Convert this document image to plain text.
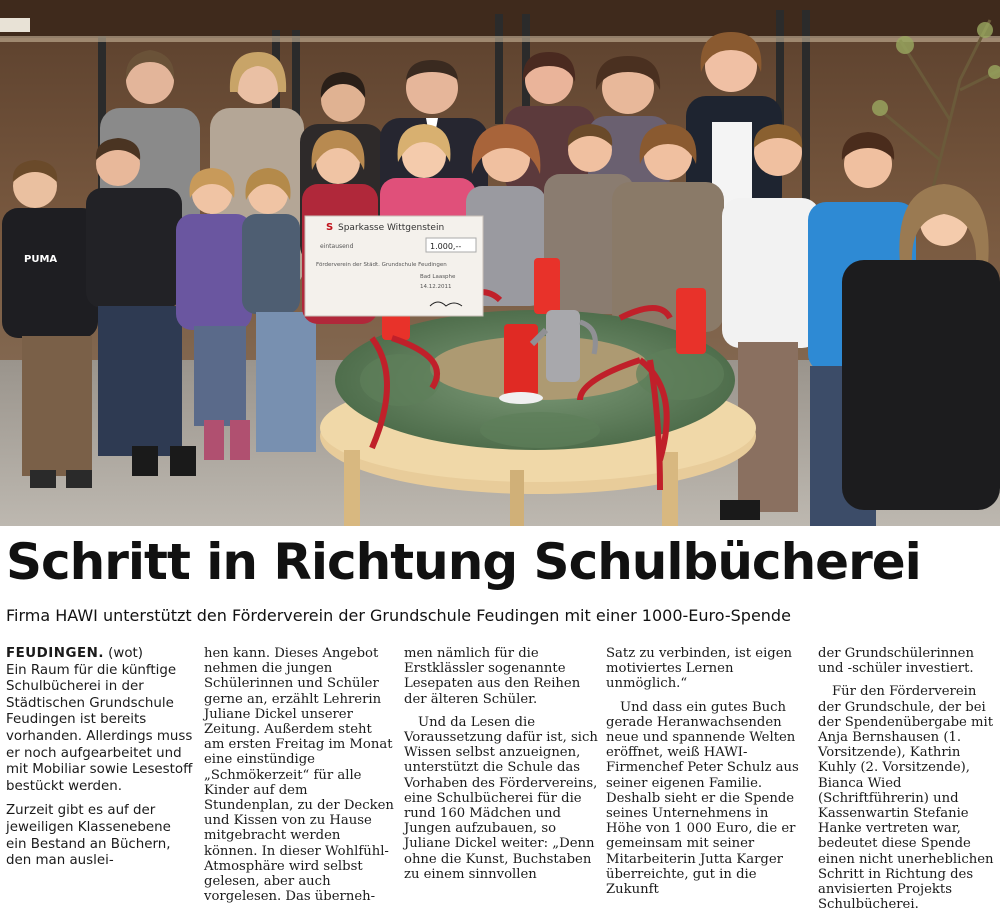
PUMA
S Sparkasse Wittgenstein
eintausend	1.000,--
Förderverein der Städt. Grundschule Feudingen
Bad Laasphe
14.12.2011
Schritt in Richtung Schulbücherei
Firma HAWI unterstützt den Förderverein der Grundschule Feudingen mit einer 1000-Euro-Spende

FEUDINGEN. (wot)

Ein Raum für die künftige Schulbücherei in der Städtischen Grundschule Feudingen ist bereits vorhanden. Allerdings muss er noch aufgearbeitet und mit Mobiliar sowie Lesestoff bestückt werden.

Zurzeit gibt es auf der jeweiligen Klassenebene ein Bestand an Büchern, den man auslei-

hen kann. Dieses Angebot nehmen die jungen Schülerinnen und Schüler gerne an, erzählt Lehrerin Juliane Dickel unserer Zeitung. Außerdem steht am ersten Freitag im Monat eine einstündige „Schmökerzeit“ für alle Kinder auf dem Stundenplan, zu der Decken und Kissen von zu Hause mitgebracht werden können. In dieser Wohlfühl-Atmosphäre wird selbst gelesen, aber auch vorgelesen. Das überneh-

men nämlich für die Erstklässler sogenannte Lesepaten aus den Reihen der älteren Schüler.

Und da Lesen die Voraussetzung dafür ist, sich Wissen selbst anzueignen, unterstützt die Schule das Vorhaben des Fördervereins, eine Schulbücherei für die rund 160 Mädchen und Jungen aufzubauen, so Juliane Dickel weiter: „Denn ohne die Kunst, Buchstaben zu einem sinnvollen

Satz zu verbinden, ist eigen motiviertes Lernen unmöglich.“

Und dass ein gutes Buch gerade Heranwachsenden neue und spannende Welten eröffnet, weiß HAWI-Firmenchef Peter Schulz aus seiner eigenen Familie. Deshalb sieht er die Spende seines Unternehmens in Höhe von 1 000 Euro, die er gemeinsam mit seiner Mitarbeiterin Jutta Karger überreichte, gut in die Zukunft

der Grundschülerinnen und -schüler investiert.

Für den Förderverein der Grundschule, der bei der Spendenübergabe mit Anja Bernshausen (1. Vorsitzende), Kathrin Kuhly (2. Vorsitzende), Bianca Wied (Schriftführerin) und Kassenwartin Stefanie Hanke vertreten war, bedeutet diese Spende einen nicht unerheblichen Schritt in Richtung des anvisierten Projekts Schulbücherei.
